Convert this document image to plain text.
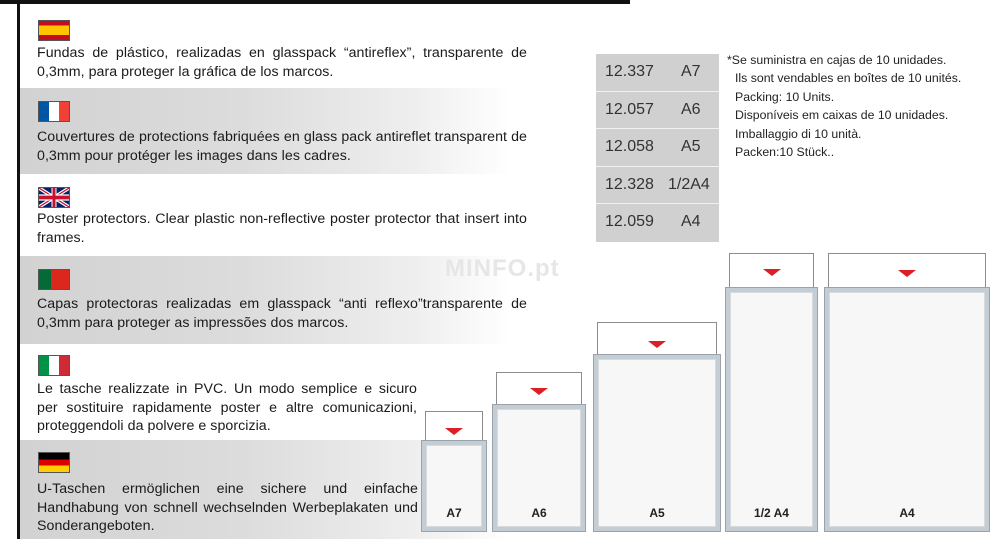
Fundas de plástico, realizadas en glasspack “antireflex”, transparente de 0,3mm, para proteger la gráfica de los marcos.
Couvertures de protections fabriquées en glass pack antireflet transparent de 0,3mm pour protéger les images dans les cadres.
Poster protectors. Clear plastic non-reflective poster protector that insert into frames.
Capas protectoras realizadas em glasspack “anti reflexo”transparente de 0,3mm para proteger as impressões dos marcos.
Le tasche realizzate in PVC. Un modo semplice e sicuro per sostituire rapidamente poster e altre comunicazioni, proteggendoli da polvere e sporcizia.
U-Taschen ermöglichen eine sichere und einfache Handhabung von schnell wechselnden Werbeplakaten und Sonderangeboten.
12.337 A7
12.057 A6
12.058 A5
12.328 1/2A4
12.059 A4
*Se suministra en cajas de 10 unidades.
Ils sont vendables en boîtes de 10 unités.
Packing: 10 Units.
Disponíveis em caixas de 10 unidades.
Imballaggio di 10 unità.
Packen:10 Stück..
MINFO.pt
A7	A6	A5	1/2 A4	A4
